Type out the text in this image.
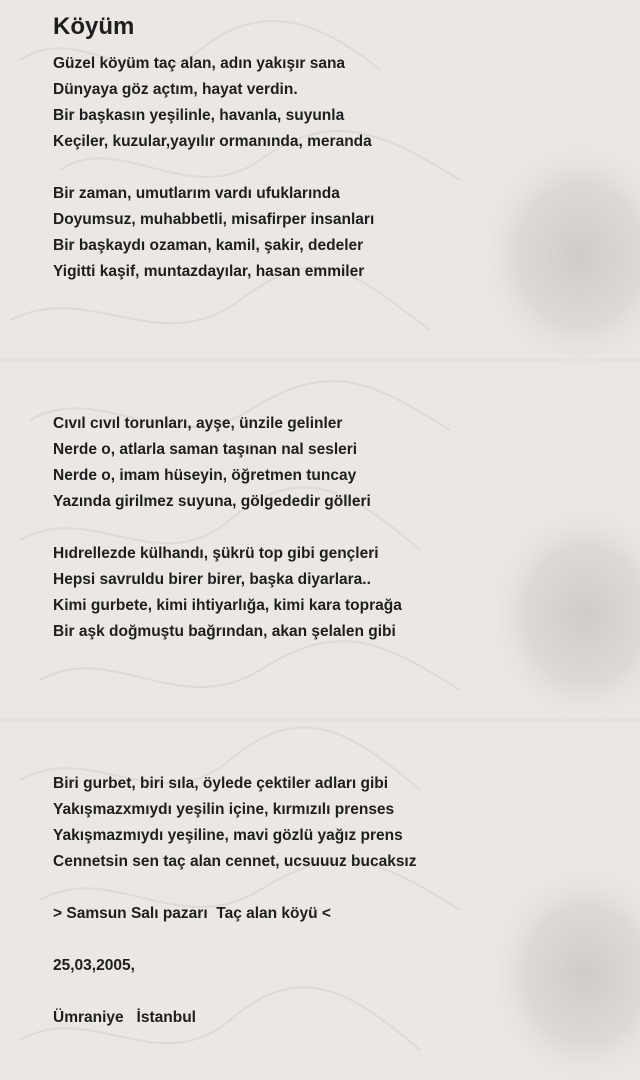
Köyüm

Güzel köyüm taç alan, adın yakışır sana

Dünyaya göz açtım, hayat verdin.

Bir başkasın yeşilinle, havanla, suyunla

Keçiler, kuzular,yayılır ormanında, meranda

Bir zaman, umutlarım vardı ufuklarında

Doyumsuz, muhabbetli, misafirper insanları

Bir başkaydı ozaman, kamil, şakir, dedeler

Yigitti kaşif, muntazdayılar, hasan emmiler

Cıvıl cıvıl torunları, ayşe, ünzile gelinler

Nerde o, atlarla saman taşınan nal sesleri

Nerde o, imam hüseyin, öğretmen tuncay

Yazında girilmez suyuna, gölgededir gölleri

Hıdrellezde külhandı, şükrü top gibi gençleri

Hepsi savruldu birer birer, başka diyarlara..

Kimi gurbete, kimi ihtiyarlığa, kimi kara toprağa

Bir aşk doğmuştu bağrından, akan şelalen gibi

Biri gurbet, biri sıla, öylede çektiler adları gibi

Yakışmazxmıydı yeşilin içine, kırmızılı prenses

Yakışmazmıydı yeşiline, mavi gözlü yağız prens

Cennetsin sen taç alan cennet, ucsuuuz bucaksız

> Samsun Salı pazarı  Taç alan köyü <

25,03,2005,

Ümraniye   İstanbul
